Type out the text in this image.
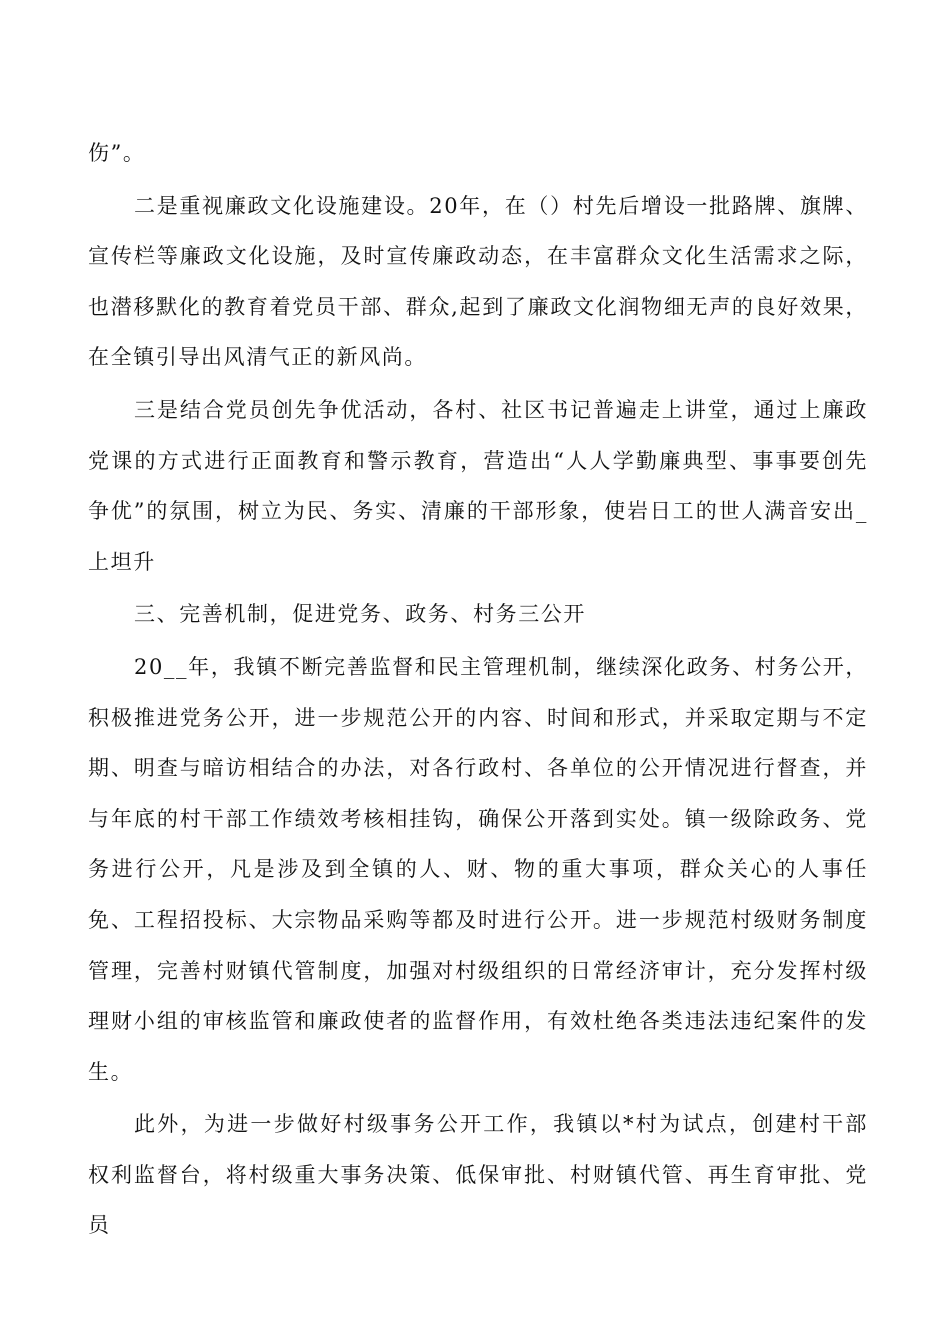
伤”。

二是重视廉政文化设施建设。20年，在（）村先后增设一批路牌、旗牌、宣传栏等廉政文化设施，及时宣传廉政动态，在丰富群众文化生活需求之际，也潜移默化的教育着党员干部、群众,起到了廉政文化润物细无声的良好效果，在全镇引导出风清气正的新风尚。

三是结合党员创先争优活动，各村、社区书记普遍走上讲堂，通过上廉政党课的方式进行正面教育和警示教育，营造出“人人学勤廉典型、事事要创先争优”的氛围，树立为民、务实、清廉的干部形象，使岩日工的世人满音安出_上坦升

三、完善机制，促进党务、政务、村务三公开

20__年，我镇不断完善监督和民主管理机制，继续深化政务、村务公开，积极推进党务公开，进一步规范公开的内容、时间和形式，并采取定期与不定期、明查与暗访相结合的办法，对各行政村、各单位的公开情况进行督查，并与年底的村干部工作绩效考核相挂钩，确保公开落到实处。镇一级除政务、党务进行公开，凡是涉及到全镇的人、财、物的重大事项，群众关心的人事任免、工程招投标、大宗物品采购等都及时进行公开。进一步规范村级财务制度管理，完善村财镇代管制度，加强对村级组织的日常经济审计，充分发挥村级理财小组的审核监管和廉政使者的监督作用，有效杜绝各类违法违纪案件的发生。

此外，为进一步做好村级事务公开工作，我镇以*村为试点，创建村干部权利监督台，将村级重大事务决策、低保审批、村财镇代管、再生育审批、党员
